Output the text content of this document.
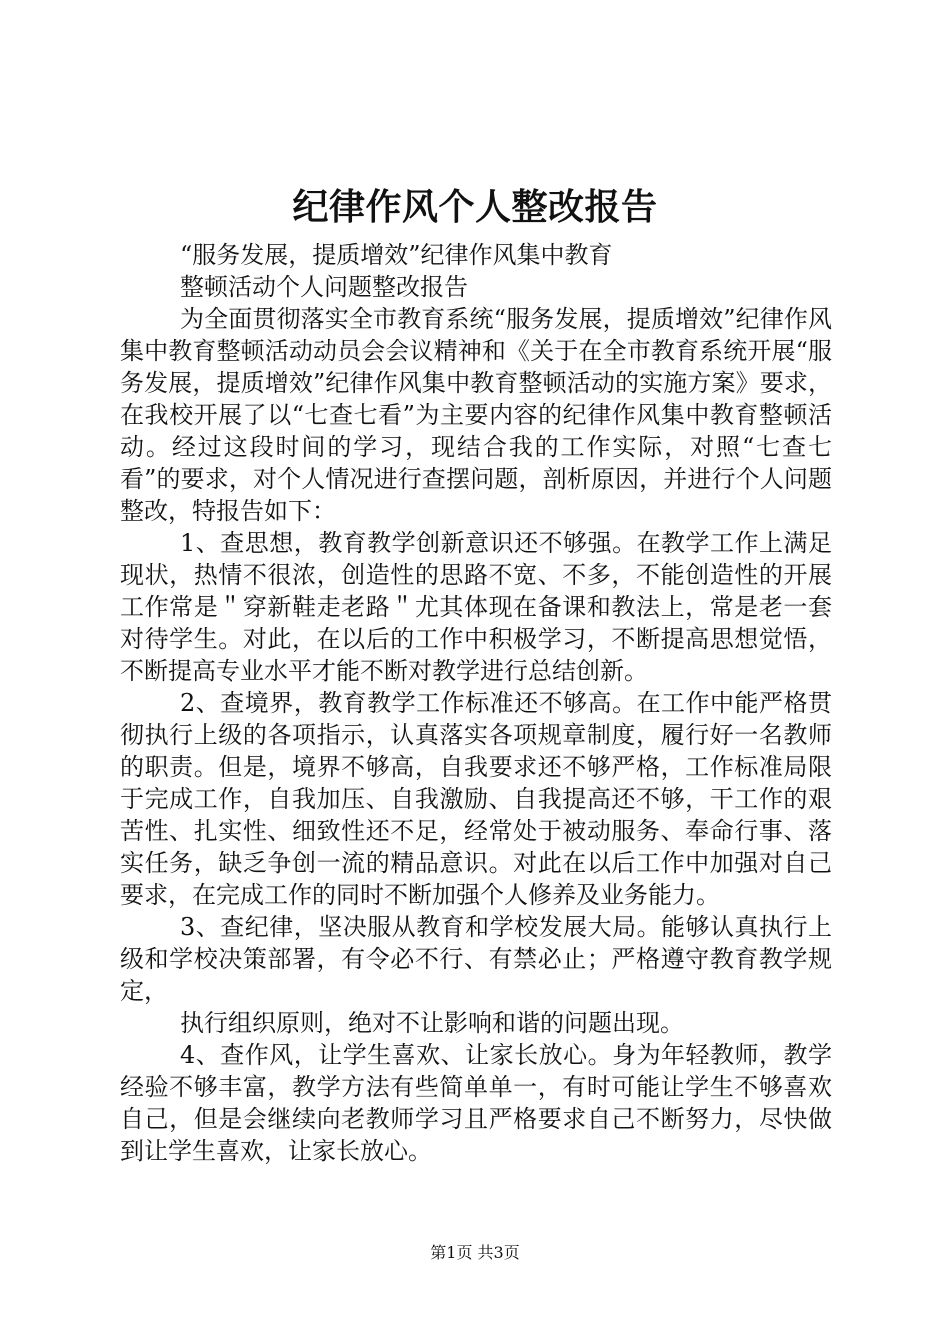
纪律作风个人整改报告

“服务发展，提质增效”纪律作风集中教育

整顿活动个人问题整改报告

为全面贯彻落实全市教育系统“服务发展，提质增效”纪律作风集中教育整顿活动动员会会议精神和《关于在全市教育系统开展“服务发展，提质增效”纪律作风集中教育整顿活动的实施方案》要求，在我校开展了以“七查七看”为主要内容的纪律作风集中教育整顿活动。经过这段时间的学习，现结合我的工作实际，对照“七查七看”的要求，对个人情况进行查摆问题，剖析原因，并进行个人问题整改，特报告如下：

1、查思想，教育教学创新意识还不够强。在教学工作上满足现状，热情不很浓，创造性的思路不宽、不多，不能创造性的开展工作常是＂穿新鞋走老路＂尤其体现在备课和教法上，常是老一套对待学生。对此，在以后的工作中积极学习，不断提高思想觉悟，不断提高专业水平才能不断对教学进行总结创新。

2、查境界，教育教学工作标准还不够高。在工作中能严格贯彻执行上级的各项指示，认真落实各项规章制度，履行好一名教师的职责。但是，境界不够高，自我要求还不够严格，工作标准局限于完成工作，自我加压、自我激励、自我提高还不够，干工作的艰苦性、扎实性、细致性还不足，经常处于被动服务、奉命行事、落实任务，缺乏争创一流的精品意识。对此在以后工作中加强对自己要求，在完成工作的同时不断加强个人修养及业务能力。

3、查纪律，坚决服从教育和学校发展大局。能够认真执行上级和学校决策部署，有令必不行、有禁必止；严格遵守教育教学规定，

执行组织原则，绝对不让影响和谐的问题出现。

4、查作风，让学生喜欢、让家长放心。身为年轻教师，教学经验不够丰富，教学方法有些简单单一，有时可能让学生不够喜欢自己，但是会继续向老教师学习且严格要求自己不断努力，尽快做到让学生喜欢，让家长放心。

第1页 共3页
